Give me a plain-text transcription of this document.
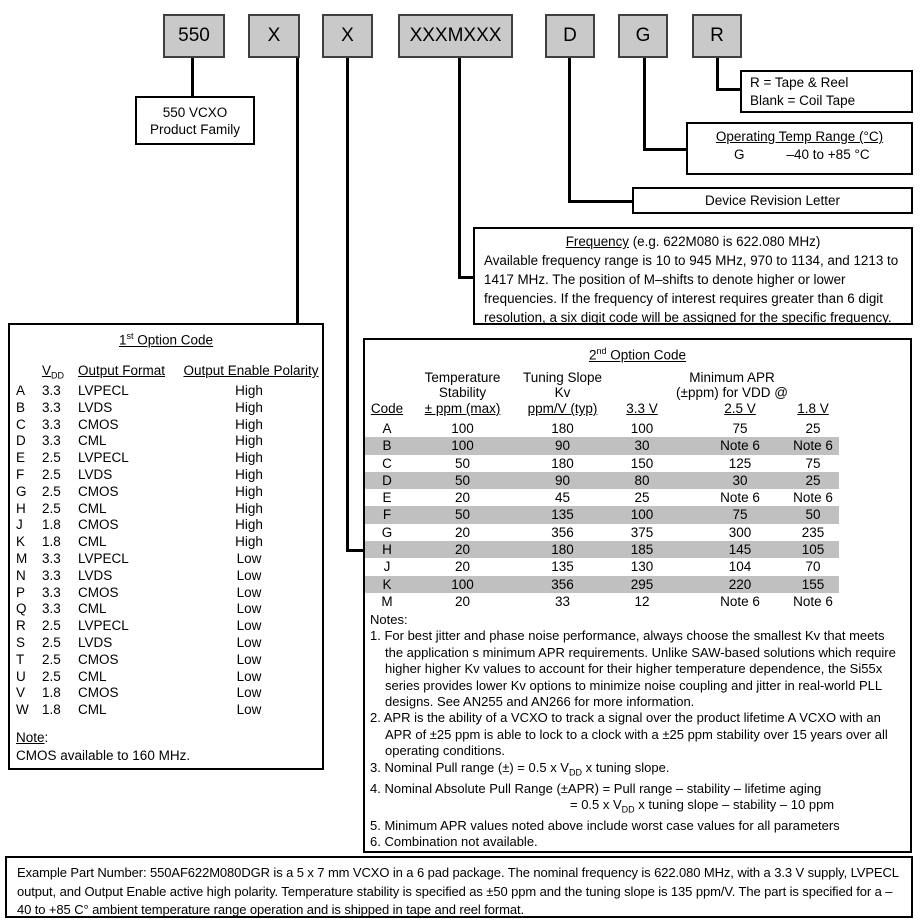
550	X	X	XXXMXXX	D	G	R
550 VCXO
Product Family
R = Tape & Reel
Blank = Coil Tape
Operating Temp Range (°C)
G	–40 to +85 °C
Device Revision Letter
Frequency (e.g. 622M080 is 622.080 MHz)
Available frequency range is 10 to 945 MHz, 970 to 1134, and 1213 to 1417 MHz. The position of M–shifts to denote higher or lower frequencies. If the frequency of interest requires greater than 6 digit resolution, a six digit code will be assigned for the specific frequency.
1st Option Code
$V_{DD}$	Output Format	Output Enable Polarity
A	3.3	LVPECL	High
B	3.3	LVDS	High
C	3.3	CMOS	High
D	3.3	CML	High
E	2.5	LVPECL	High
F	2.5	LVDS	High
G	2.5	CMOS	High
H	2.5	CML	High
J	1.8	CMOS	High
K	1.8	CML	High
M	3.3	LVPECL	Low
N	3.3	LVDS	Low
P	3.3	CMOS	Low
Q	3.3	CML	Low
R	2.5	LVPECL	Low
S	2.5	LVDS	Low
T	2.5	CMOS	Low
U	2.5	CML	Low
V	1.8	CMOS	Low
W 1.8	CML	Low
Note:
CMOS available to 160 MHz.
2nd Option Code
Temperature
Stability
± ppm (max)
Tuning Slope
Kv
ppm/V (typ)
Minimum APR
(±ppm) for VDD @
Code	3.3 V	2.5 V	1.8 V
A	100	180	100	75	25
B	100	90	30	Note 6	Note 6
C	50	180	150	125	75
D	50	90	80	30	25
E	20	45	25	Note 6	Note 6
F	50	135	100	75	50
G	20	356	375	300	235
H	20	180	185	145	105
J	20	135	130	104	70
K	100	356	295	220	155
M	20	33	12	Note 6	Note 6
Notes:
1. For best jitter and phase noise performance, always choose the smallest Kv that meets the application s minimum APR requirements. Unlike SAW-based solutions which require higher higher Kv values to account for their higher temperature dependence, the Si55x series provides lower Kv options to minimize noise coupling and jitter in real-world PLL designs. See AN255 and AN266 for more information.
2. APR is the ability of a VCXO to track a signal over the product lifetime A VCXO with an APR of ±25 ppm is able to lock to a clock with a ±25 ppm stability over 15 years over all operating conditions.
3. Nominal Pull range (±) = 0.5 x $V_{DD}$ x tuning slope.
4. Nominal Absolute Pull Range (±APR) = Pull range – stability – lifetime aging
= 0.5 x $V_{DD}$ x tuning slope – stability – 10 ppm
5. Minimum APR values noted above include worst case values for all parameters
6. Combination not available.
Example Part Number: 550AF622M080DGR is a 5 x 7 mm VCXO in a 6 pad package. The nominal frequency is 622.080 MHz, with a 3.3 V supply, LVPECL output, and Output Enable active high polarity. Temperature stability is specified as ±50 ppm and the tuning slope is 135 ppm/V. The part is specified for a –40 to +85 C° ambient temperature range operation and is shipped in tape and reel format.
